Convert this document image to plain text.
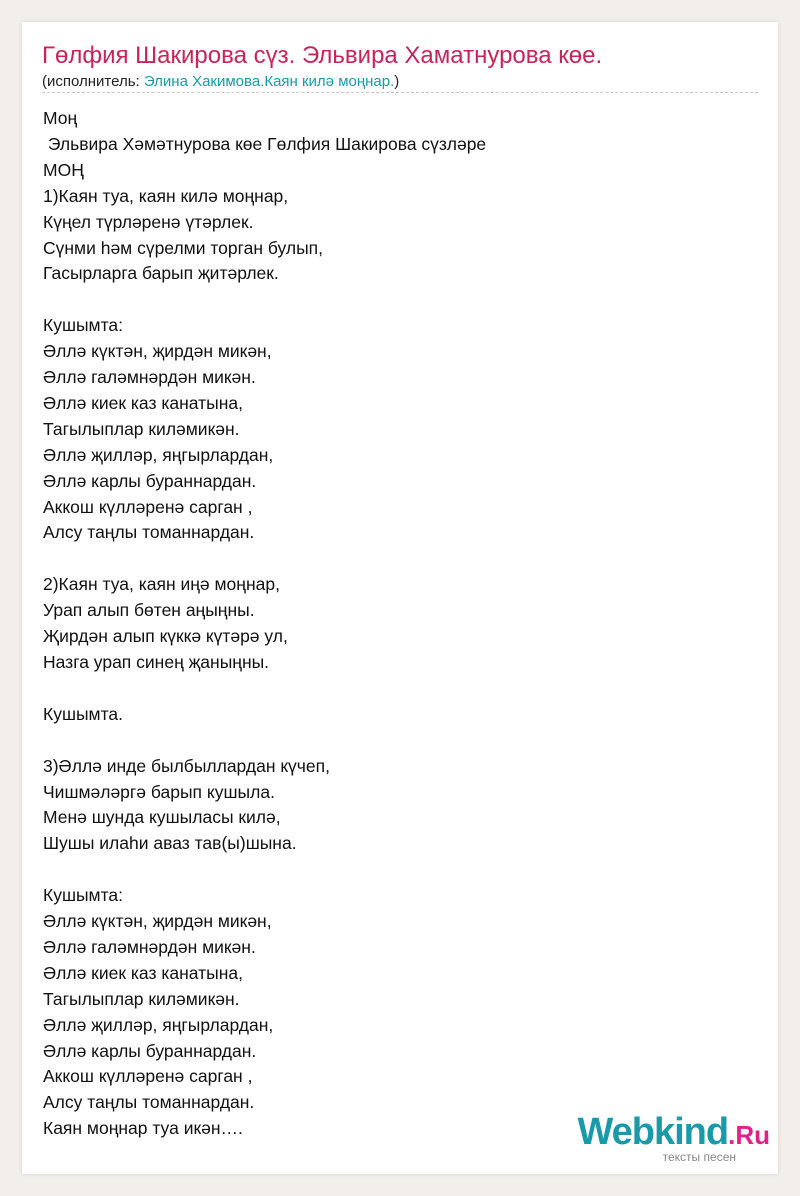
Гөлфия Шакирова сүз. Эльвира Хаматнурова көе.
(исполнитель: Элина Хакимова.Каян килә моңнар.)
Моң
Эльвира Хәмәтнурова көе Гөлфия Шакирова сүзләре
МОҢ
1)Каян туа, каян килә моңнар,
Күңел түрләренә үтәрлек.
Сүнми һәм сүрелми торган булып,
Гасырларга барып җитәрлек.
Кушымта:
Әллә күктән, җирдән микән,
Әллә галәмнәрдән микән.
Әллә киек каз канатына,
Тагылыплар киләмикән.
Әллә җилләр, яңгырлардан,
Әллә карлы бураннардан.
Аккош күлләренә сарган ,
Алсу таңлы томаннардан.
2)Каян туа, каян иңә моңнар,
Урап алып бөтен аңыңны.
Җирдән алып күккә күтәрә ул,
Назга урап синең җаныңны.
Кушымта.
3)Әллә инде былбыллардан күчеп,
Чишмәләргә барып кушыла.
Менә шунда кушыласы килә,
Шушы илаһи аваз тав(ы)шына.
Кушымта:
Әллә күктән, җирдән микән,
Әллә галәмнәрдән микән.
Әллә киек каз канатына,
Тагылыплар киләмикән.
Әллә җилләр, яңгырлардан,
Әллә карлы бураннардан.
Аккош күлләренә сарган ,
Алсу таңлы томаннардан.
Каян моңнар туа икән….	Webkind.Ru
тексты песен
